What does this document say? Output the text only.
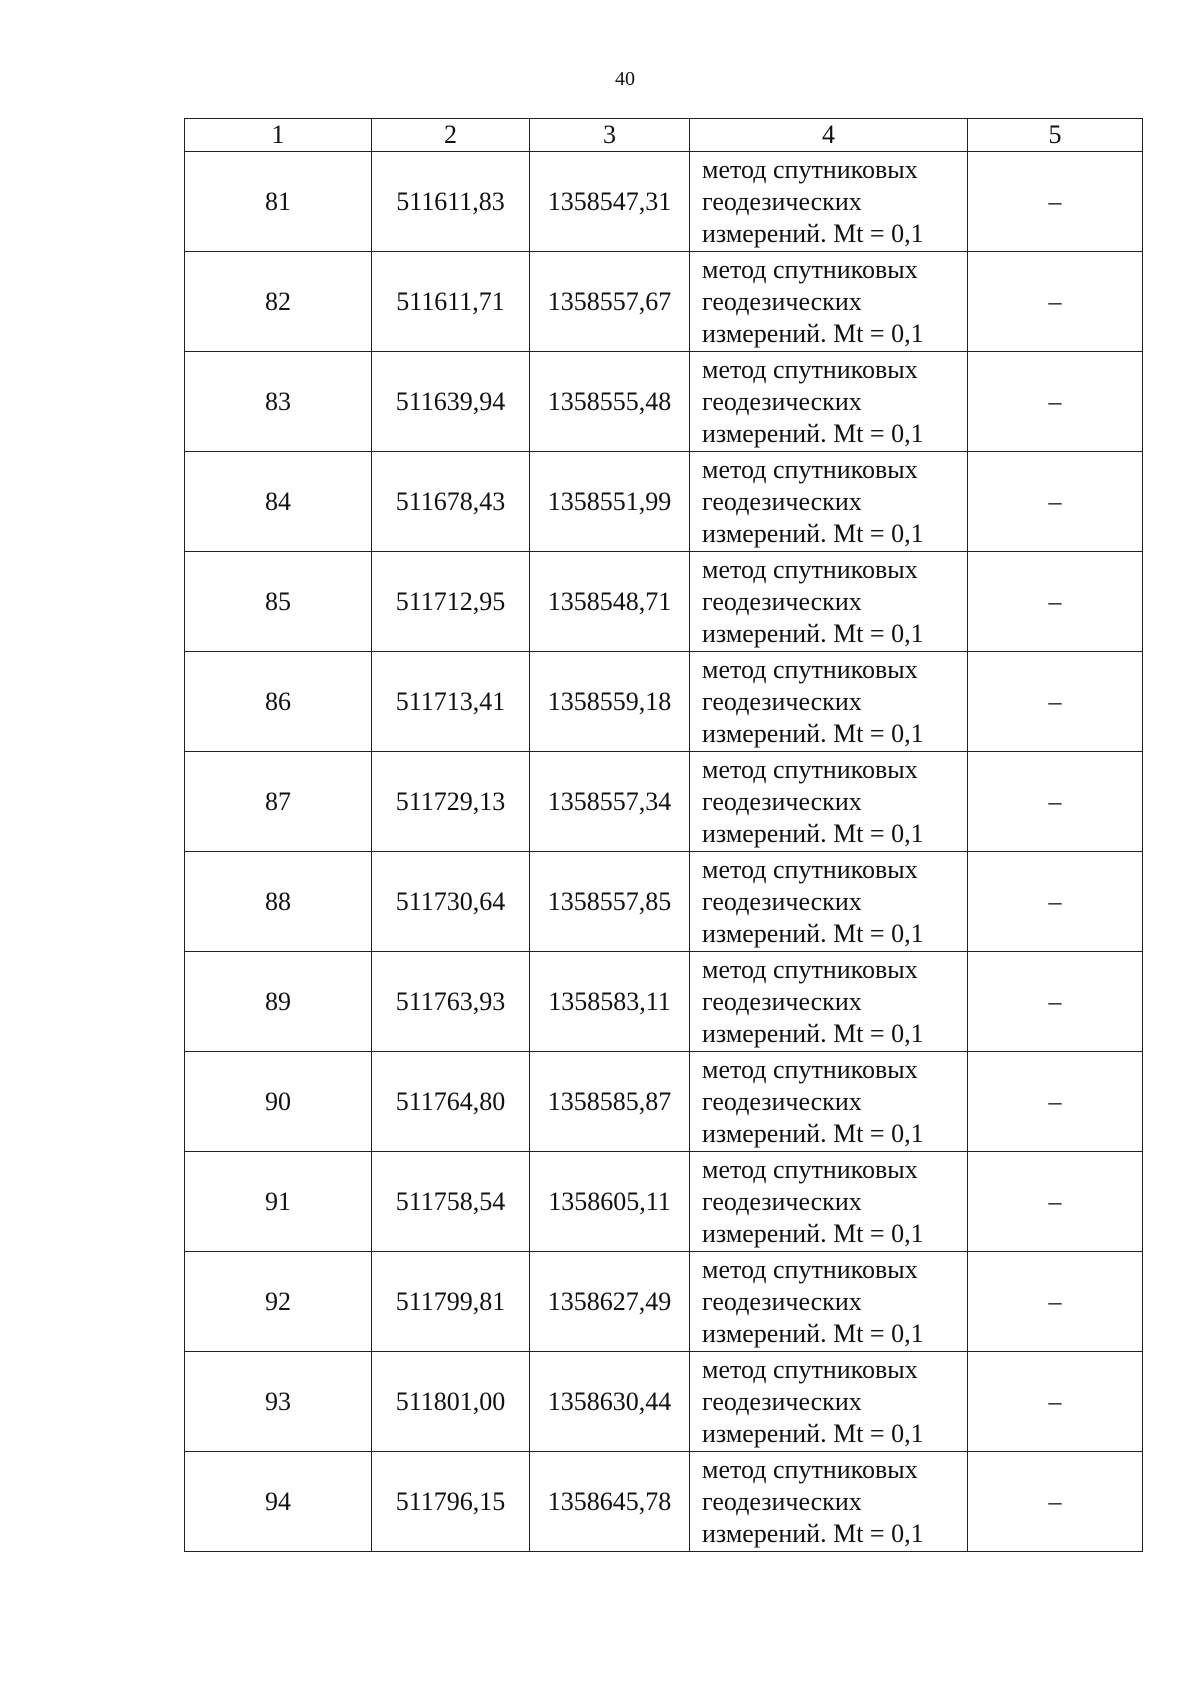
40
1	2	3	4	5
81	511611,83	1358547,31	метод спутниковых
геодезических
измерений. Mt = 0,1	–
82	511611,71	1358557,67	метод спутниковых
геодезических
измерений. Mt = 0,1	–
83	511639,94	1358555,48	метод спутниковых
геодезических
измерений. Mt = 0,1	–
84	511678,43	1358551,99	метод спутниковых
геодезических
измерений. Mt = 0,1	–
85	511712,95	1358548,71	метод спутниковых
геодезических
измерений. Mt = 0,1	–
86	511713,41	1358559,18	метод спутниковых
геодезических
измерений. Mt = 0,1	–
87	511729,13	1358557,34	метод спутниковых
геодезических
измерений. Mt = 0,1	–
88	511730,64	1358557,85	метод спутниковых
геодезических
измерений. Mt = 0,1	–
89	511763,93	1358583,11	метод спутниковых
геодезических
измерений. Mt = 0,1	–
90	511764,80	1358585,87	метод спутниковых
геодезических
измерений. Mt = 0,1	–
91	511758,54	1358605,11	метод спутниковых
геодезических
измерений. Mt = 0,1	–
92	511799,81	1358627,49	метод спутниковых
геодезических
измерений. Mt = 0,1	–
93	511801,00	1358630,44	метод спутниковых
геодезических
измерений. Mt = 0,1	–
94	511796,15	1358645,78	метод спутниковых
геодезических
измерений. Mt = 0,1	–
